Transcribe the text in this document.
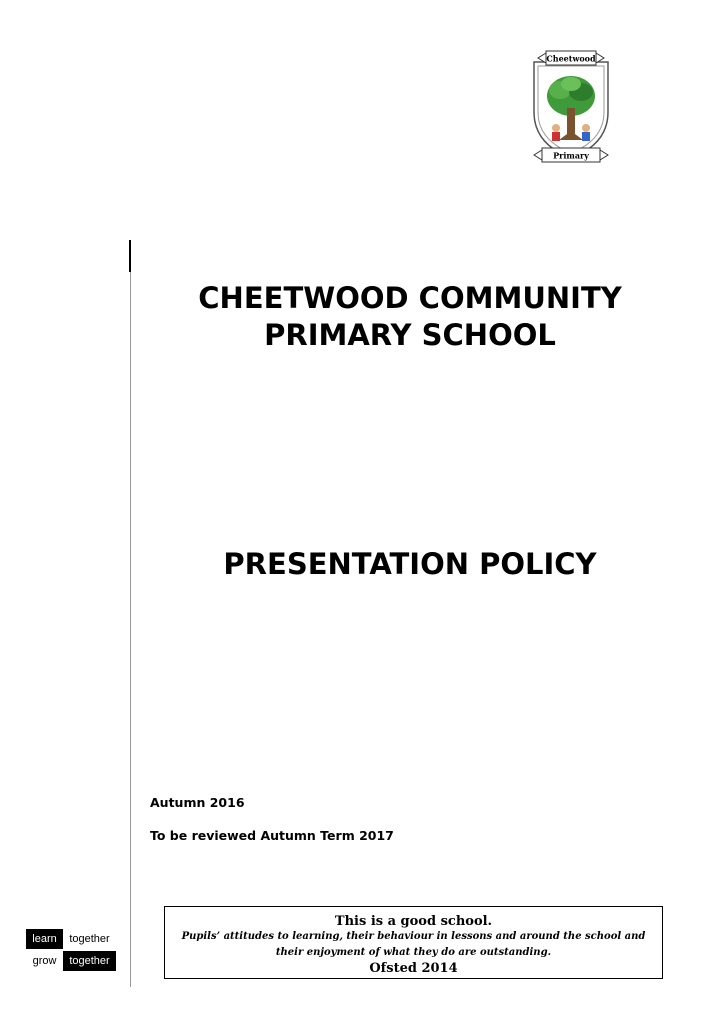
Cheetwood
Primary
CHEETWOOD COMMUNITY
PRIMARY SCHOOL
PRESENTATION POLICY
Autumn 2016
To be reviewed Autumn Term 2017
learn	together
grow	together
This is a good school.
Pupils’ attitudes to learning, their behaviour in lessons and around the school and their enjoyment of what they do are outstanding.
Ofsted 2014
